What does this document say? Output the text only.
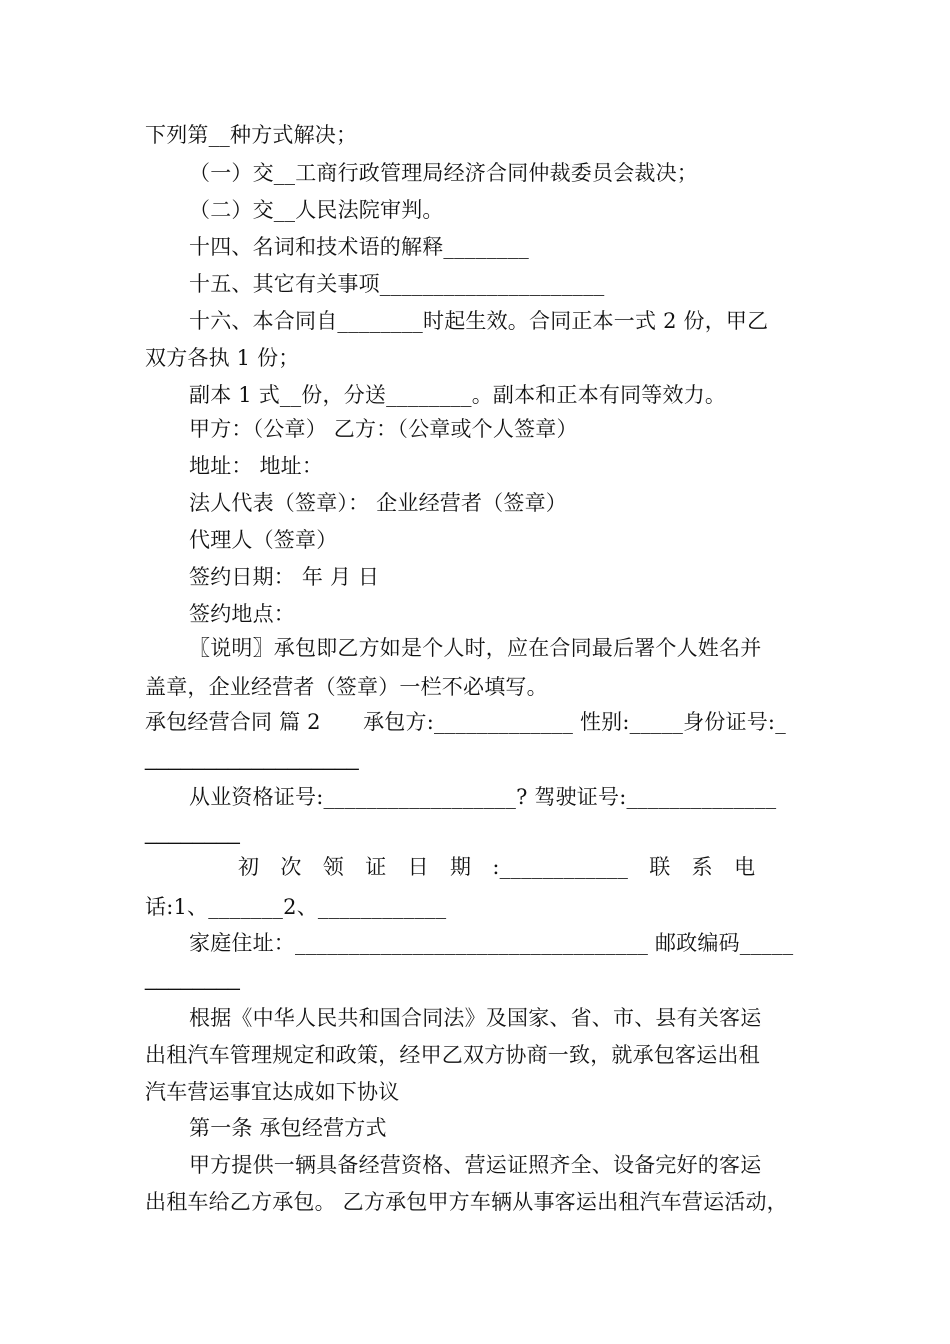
下列第__种方式解决；
（一）交__工商行政管理局经济合同仲裁委员会裁决；
（二）交__人民法院审判。
十四、名词和技术语的解释________
十五、其它有关事项_____________________
十六、本合同自________时起生效。合同正本一式 2 份，甲乙
双方各执 1 份；
副本 1 式__份，分送________。副本和正本有同等效力。
甲方：（公章） 乙方：（公章或个人签章）
地址： 地址：
法人代表（签章）： 企业经营者（签章）
代理人（签章）
签约日期： 年 月 日
签约地点：
〖说明〗承包即乙方如是个人时，应在合同最后署个人姓名并
盖章，企业经营者（签章）一栏不必填写。
承包经营合同 篇 2　　承包方:_____________ 性别:_____身份证号:_
__________________
从业资格证号:__________________? 驾驶证号:______________
________
初　次　领　证　日　期　:____________　联　系　电
话:1、_______2、____________
家庭住址：_________________________________ 邮政编码_____
________
根据《中华人民共和国合同法》及国家、省、市、县有关客运
出租汽车管理规定和政策，经甲乙双方协商一致，就承包客运出租
汽车营运事宜达成如下协议
第一条 承包经营方式
甲方提供一辆具备经营资格、营运证照齐全、设备完好的客运
出租车给乙方承包。 乙方承包甲方车辆从事客运出租汽车营运活动，
